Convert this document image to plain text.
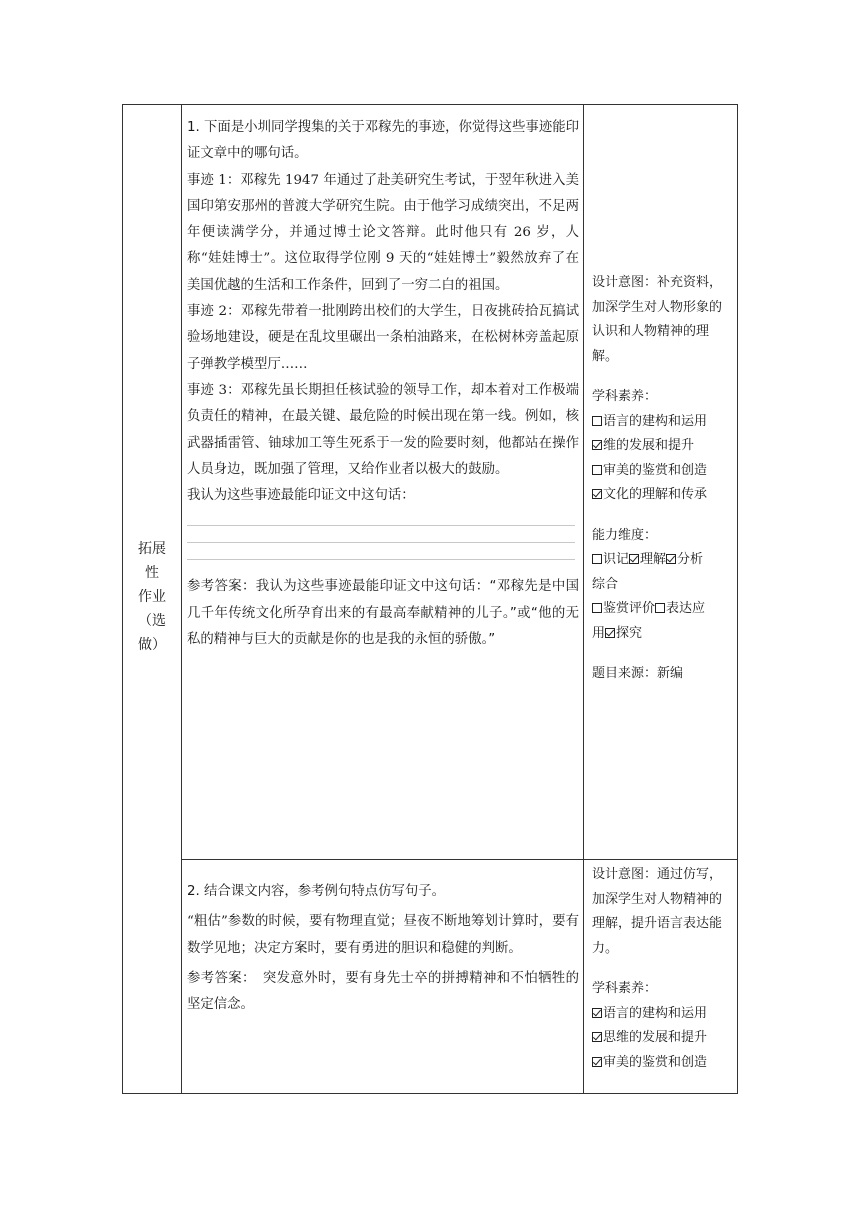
拓展
性
作业
（选
做）

1. 下面是小圳同学搜集的关于邓稼先的事迹，你觉得这些事迹能印证文章中的哪句话。

事迹 1：邓稼先 1947 年通过了赴美研究生考试，于翌年秋进入美国印第安那州的普渡大学研究生院。由于他学习成绩突出，不足两年便读满学分，并通过博士论文答辩。此时他只有 26 岁，人称“娃娃博士”。这位取得学位刚 9 天的“娃娃博士”毅然放弃了在美国优越的生活和工作条件，回到了一穷二白的祖国。

事迹 2：邓稼先带着一批刚跨出校们的大学生，日夜挑砖拾瓦搞试验场地建设，硬是在乱坟里碾出一条柏油路来，在松树林旁盖起原子弹教学模型厅……

事迹 3：邓稼先虽长期担任核试验的领导工作，却本着对工作极端负责任的精神，在最关键、最危险的时候出现在第一线。例如，核武器插雷管、铀球加工等生死系于一发的险要时刻，他都站在操作人员身边，既加强了管理，又给作业者以极大的鼓励。

我认为这些事迹最能印证文中这句话：

参考答案：我认为这些事迹最能印证文中这句话：“邓稼先是中国几千年传统文化所孕育出来的有最高奉献精神的儿子。”或“他的无私的精神与巨大的贡献是你的也是我的永恒的骄傲。”

设计意图：补充资料，加深学生对人物形象的认识和人物精神的理解。

学科素养：

语言的建构和运用

维的发展和提升

审美的鉴赏和创造

文化的理解和传承

能力维度：

识记 理解 分析

综合

鉴赏评价 表达应

用 探究

题目来源：新编

2. 结合课文内容，参考例句特点仿写句子。

“粗估”参数的时候，要有物理直觉；昼夜不断地筹划计算时，要有数学见地；决定方案时，要有勇进的胆识和稳健的判断。

参考答案：　突发意外时，要有身先士卒的拼搏精神和不怕牺牲的坚定信念。

设计意图：通过仿写，加深学生对人物精神的理解，提升语言表达能力。

学科素养：

语言的建构和运用

思维的发展和提升

审美的鉴赏和创造
